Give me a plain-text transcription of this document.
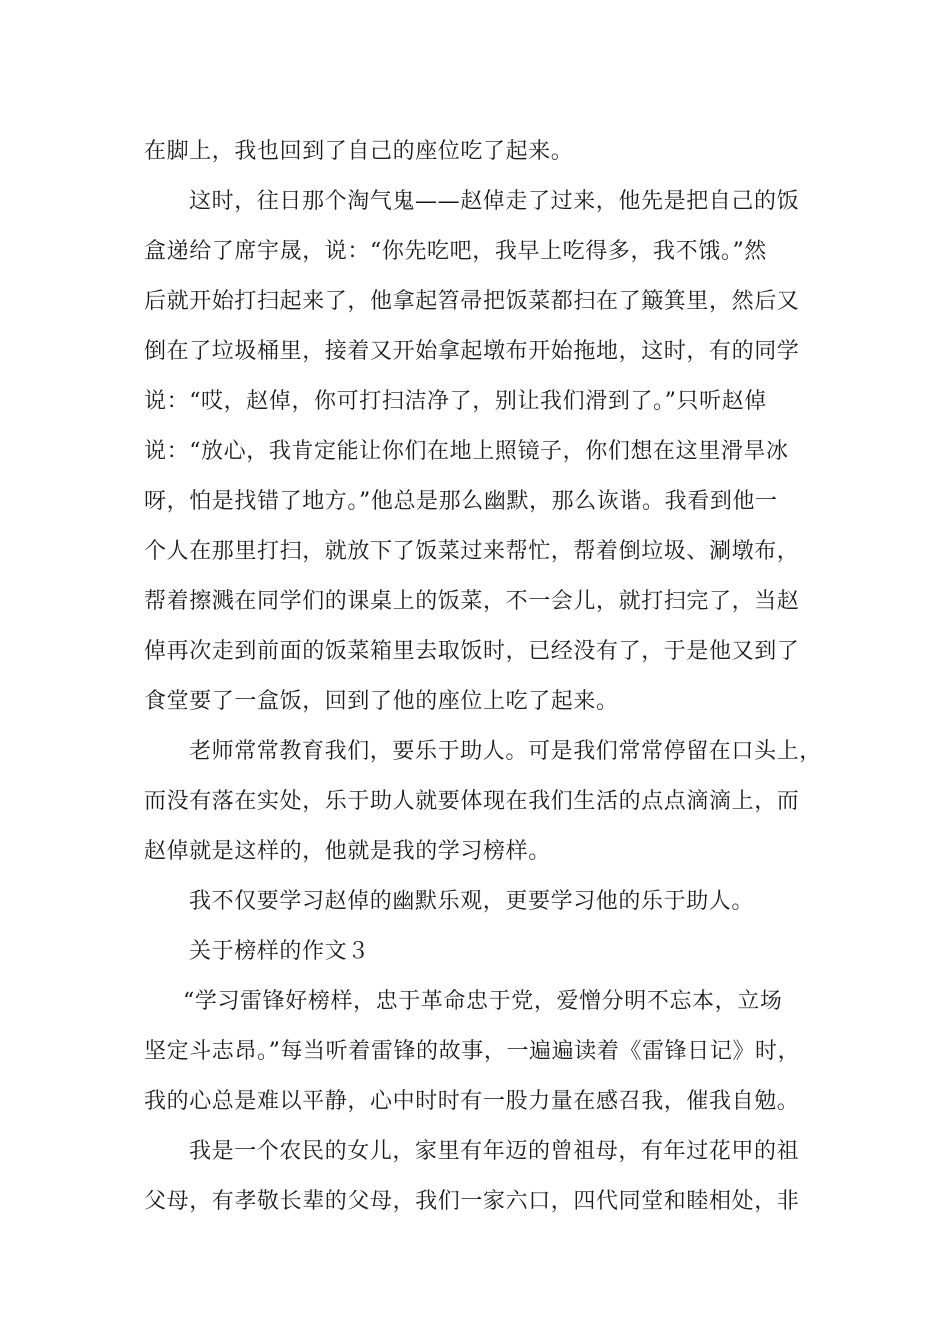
在脚上，我也回到了自己的座位吃了起来。
这时，往日那个淘气鬼——赵倬走了过来，他先是把自己的饭
盒递给了席宇晟，说：“你先吃吧，我早上吃得多，我不饿。”然
后就开始打扫起来了，他拿起笤帚把饭菜都扫在了簸箕里，然后又
倒在了垃圾桶里，接着又开始拿起墩布开始拖地，这时，有的同学
说：“哎，赵倬，你可打扫洁净了，别让我们滑到了。”只听赵倬
说：“放心，我肯定能让你们在地上照镜子，你们想在这里滑旱冰
呀，怕是找错了地方。”他总是那么幽默，那么诙谐。我看到他一
个人在那里打扫，就放下了饭菜过来帮忙，帮着倒垃圾、涮墩布，
帮着擦溅在同学们的课桌上的饭菜，不一会儿，就打扫完了，当赵
倬再次走到前面的饭菜箱里去取饭时，已经没有了，于是他又到了
食堂要了一盒饭，回到了他的座位上吃了起来。
老师常常教育我们，要乐于助人。可是我们常常停留在口头上，
而没有落在实处，乐于助人就要体现在我们生活的点点滴滴上，而
赵倬就是这样的，他就是我的学习榜样。
我不仅要学习赵倬的幽默乐观，更要学习他的乐于助人。
关于榜样的作文３
“学习雷锋好榜样，忠于革命忠于党，爱憎分明不忘本，立场
坚定斗志昂。”每当听着雷锋的故事，一遍遍读着《雷锋日记》时，
我的心总是难以平静，心中时时有一股力量在感召我，催我自勉。
我是一个农民的女儿，家里有年迈的曾祖母，有年过花甲的祖
父母，有孝敬长辈的父母，我们一家六口，四代同堂和睦相处，非
